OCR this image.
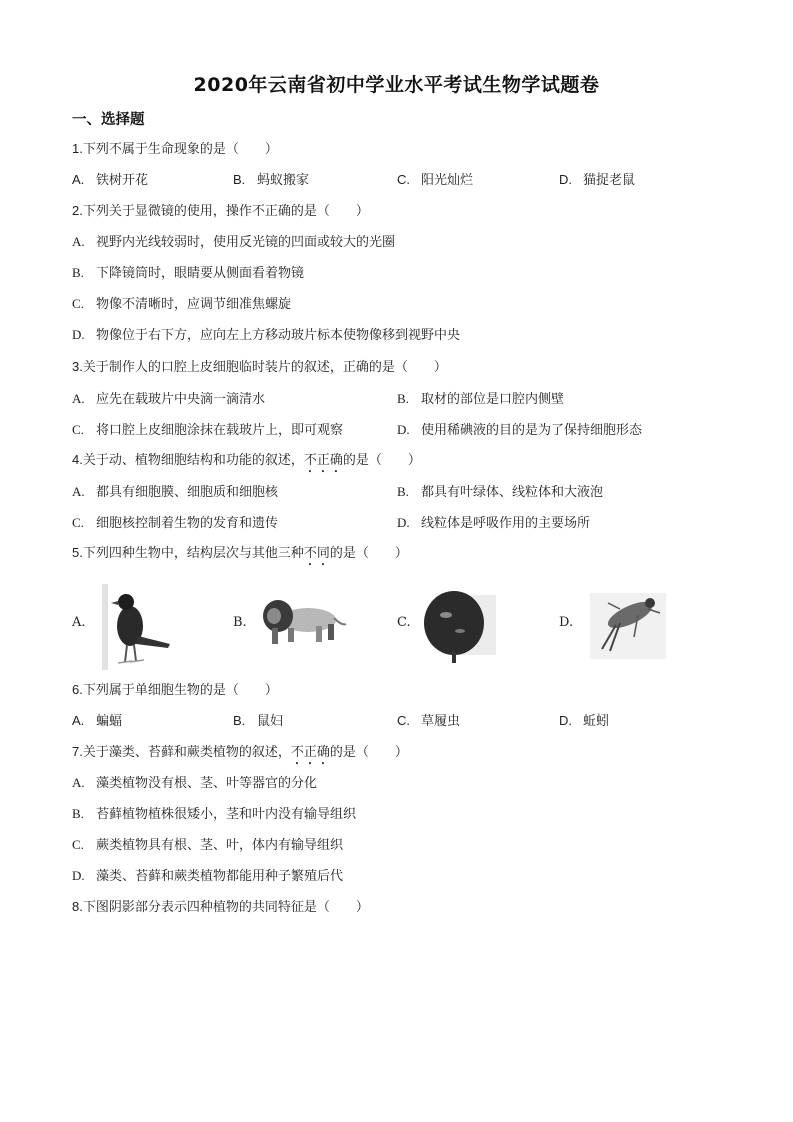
2020年云南省初中学业水平考试生物学试题卷
一、选择题
1.下列不属于生命现象的是（　　）
A. 铁树开花	B. 蚂蚁搬家	C. 阳光灿烂	D. 猫捉老鼠
2.下列关于显微镜的使用，操作不正确的是（　　）
A. 视野内光线较弱时，使用反光镜的凹面或较大的光圈
B. 下降镜筒时，眼睛要从侧面看着物镜
C. 物像不清晰时，应调节细准焦螺旋
D. 物像位于右下方，应向左上方移动玻片标本使物像移到视野中央
3.关于制作人的口腔上皮细胞临时装片的叙述，正确的是（　　）
A. 应先在载玻片中央滴一滴清水	B. 取材的部位是口腔内侧壁
C. 将口腔上皮细胞涂抹在载玻片上，即可观察	D. 使用稀碘液的目的是为了保持细胞形态
4.关于动、植物细胞结构和功能的叙述，不正确的是（　　）
A. 都具有细胞膜、细胞质和细胞核	B. 都具有叶绿体、线粒体和大液泡
C. 细胞核控制着生物的发育和遗传	D. 线粒体是呼吸作用的主要场所
5.下列四种生物中，结构层次与其他三种不同的是（　　）
A.	B.	C.	D.
6.下列属于单细胞生物的是（　　）
A. 蝙蝠	B. 鼠妇	C. 草履虫	D. 蚯蚓
7.关于藻类、苔藓和蕨类植物的叙述，不正确的是（　　）
A. 藻类植物没有根、茎、叶等器官的分化
B. 苔藓植物植株很矮小，茎和叶内没有输导组织
C. 蕨类植物具有根、茎、叶，体内有输导组织
D. 藻类、苔藓和蕨类植物都能用种子繁殖后代
8.下图阴影部分表示四种植物的共同特征是（　　）
